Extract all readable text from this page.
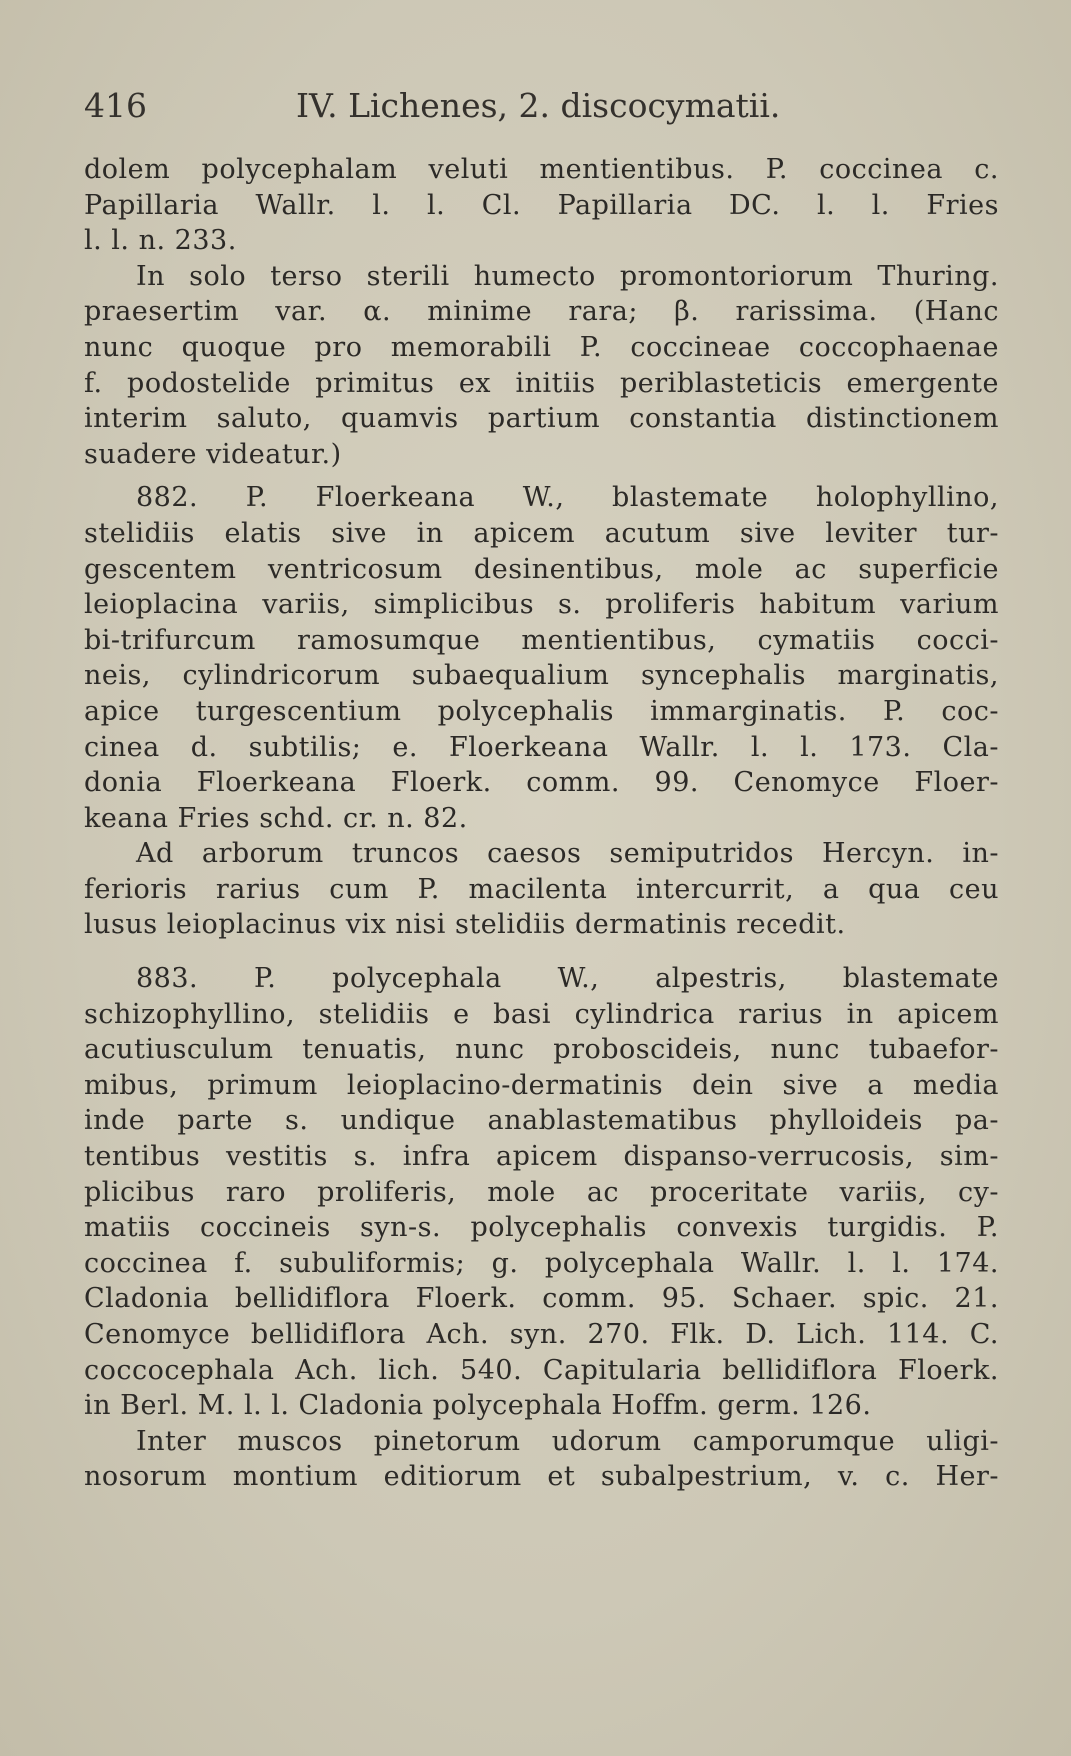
416	IV. Lichenes, 2. discocymatii.
dolem polycephalam veluti mentientibus. P. coccinea c.
Papillaria Wallr. l. l. Cl. Papillaria DC. l. l. Fries
l. l. n. 233.
In solo terso sterili humecto promontoriorum Thuring.
praesertim var. α. minime rara; β. rarissima. (Hanc
nunc quoque pro memorabili P. coccineae coccophaenae
f. podostelide primitus ex initiis periblasteticis emergente
interim saluto, quamvis partium constantia distinctionem
suadere videatur.)
882. P. Floerkeana W., blastemate holophyllino,
stelidiis elatis sive in apicem acutum sive leviter tur-
gescentem ventricosum desinentibus, mole ac superficie
leioplacina variis, simplicibus s. proliferis habitum varium
bi-trifurcum ramosumque mentientibus, cymatiis cocci-
neis, cylindricorum subaequalium syncephalis marginatis,
apice turgescentium polycephalis immarginatis. P. coc-
cinea d. subtilis; e. Floerkeana Wallr. l. l. 173. Cla-
donia Floerkeana Floerk. comm. 99. Cenomyce Floer-
keana Fries schd. cr. n. 82.
Ad arborum truncos caesos semiputridos Hercyn. in-
ferioris rarius cum P. macilenta intercurrit, a qua ceu
lusus leioplacinus vix nisi stelidiis dermatinis recedit.
883. P. polycephala W., alpestris, blastemate
schizophyllino, stelidiis e basi cylindrica rarius in apicem
acutiusculum tenuatis, nunc proboscideis, nunc tubaefor-
mibus, primum leioplacino-dermatinis dein sive a media
inde parte s. undique anablastematibus phylloideis pa-
tentibus vestitis s. infra apicem dispanso-verrucosis, sim-
plicibus raro proliferis, mole ac proceritate variis, cy-
matiis coccineis syn-s. polycephalis convexis turgidis. P.
coccinea f. subuliformis; g. polycephala Wallr. l. l. 174.
Cladonia bellidiflora Floerk. comm. 95. Schaer. spic. 21.
Cenomyce bellidiflora Ach. syn. 270. Flk. D. Lich. 114. C.
coccocephala Ach. lich. 540. Capitularia bellidiflora Floerk.
in Berl. M. l. l. Cladonia polycephala Hoffm. germ. 126.
Inter muscos pinetorum udorum camporumque uligi-
nosorum montium editiorum et subalpestrium, v. c. Her-
